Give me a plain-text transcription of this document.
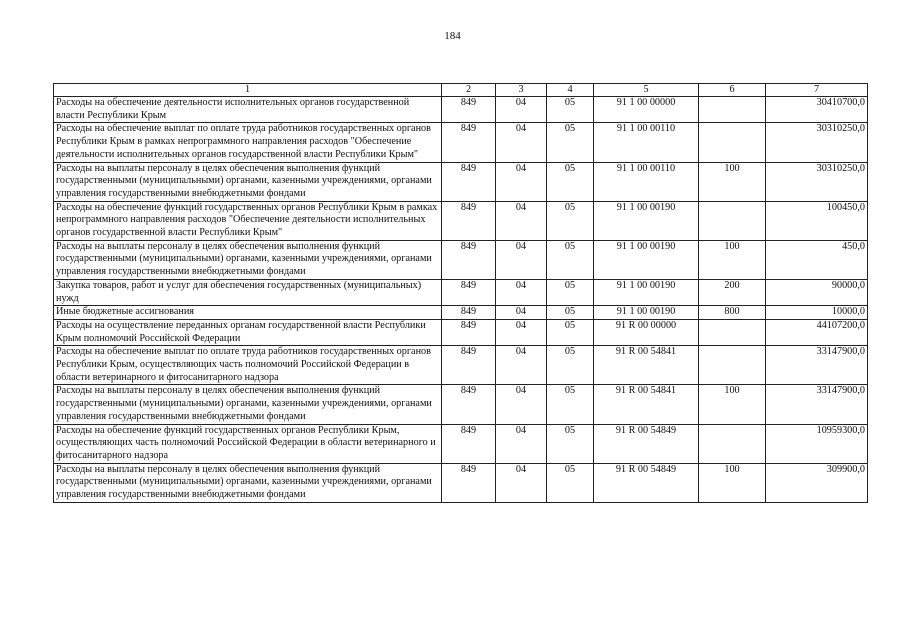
184
1	2	3	4	5	6	7
Расходы на обеспечение деятельности исполнительных органов государственной власти Республики Крым	849	04	05	91 1 00 00000		30410700,0
Расходы на обеспечение выплат по оплате труда работников государственных органов Республики Крым в рамках непрограммного направления расходов "Обеспечение деятельности исполнительных органов государственной власти Республики Крым"	849	04	05	91 1 00 00110		30310250,0
Расходы на выплаты персоналу в целях обеспечения выполнения функций государственными (муниципальными) органами, казенными учреждениями, органами управления государственными внебюджетными фондами	849	04	05	91 1 00 00110	100	30310250,0
Расходы на обеспечение функций государственных органов Республики Крым в рамках непрограммного направления расходов "Обеспечение деятельности исполнительных органов государственной власти Республики Крым"	849	04	05	91 1 00 00190		100450,0
Расходы на выплаты персоналу в целях обеспечения выполнения функций государственными (муниципальными) органами, казенными учреждениями, органами управления государственными внебюджетными фондами	849	04	05	91 1 00 00190	100	450,0
Закупка товаров, работ и услуг для обеспечения государственных (муниципальных) нужд	849	04	05	91 1 00 00190	200	90000,0
Иные бюджетные ассигнования	849	04	05	91 1 00 00190	800	10000,0
Расходы на осуществление переданных органам государственной власти Республики Крым полномочий Российской Федерации	849	04	05	91 R 00 00000		44107200,0
Расходы на обеспечение выплат по оплате труда работников государственных органов Республики Крым, осуществляющих часть полномочий Российской Федерации в области ветеринарного и фитосанитарного надзора	849	04	05	91 R 00 54841		33147900,0
Расходы на выплаты персоналу в целях обеспечения выполнения функций государственными (муниципальными) органами, казенными учреждениями, органами управления государственными внебюджетными фондами	849	04	05	91 R 00 54841	100	33147900,0
Расходы на обеспечение функций государственных органов Республики Крым, осуществляющих часть полномочий Российской Федерации в области ветеринарного и фитосанитарного надзора	849	04	05	91 R 00 54849		10959300,0
Расходы на выплаты персоналу в целях обеспечения выполнения функций государственными (муниципальными) органами, казенными учреждениями, органами управления государственными внебюджетными фондами	849	04	05	91 R 00 54849	100	309900,0
